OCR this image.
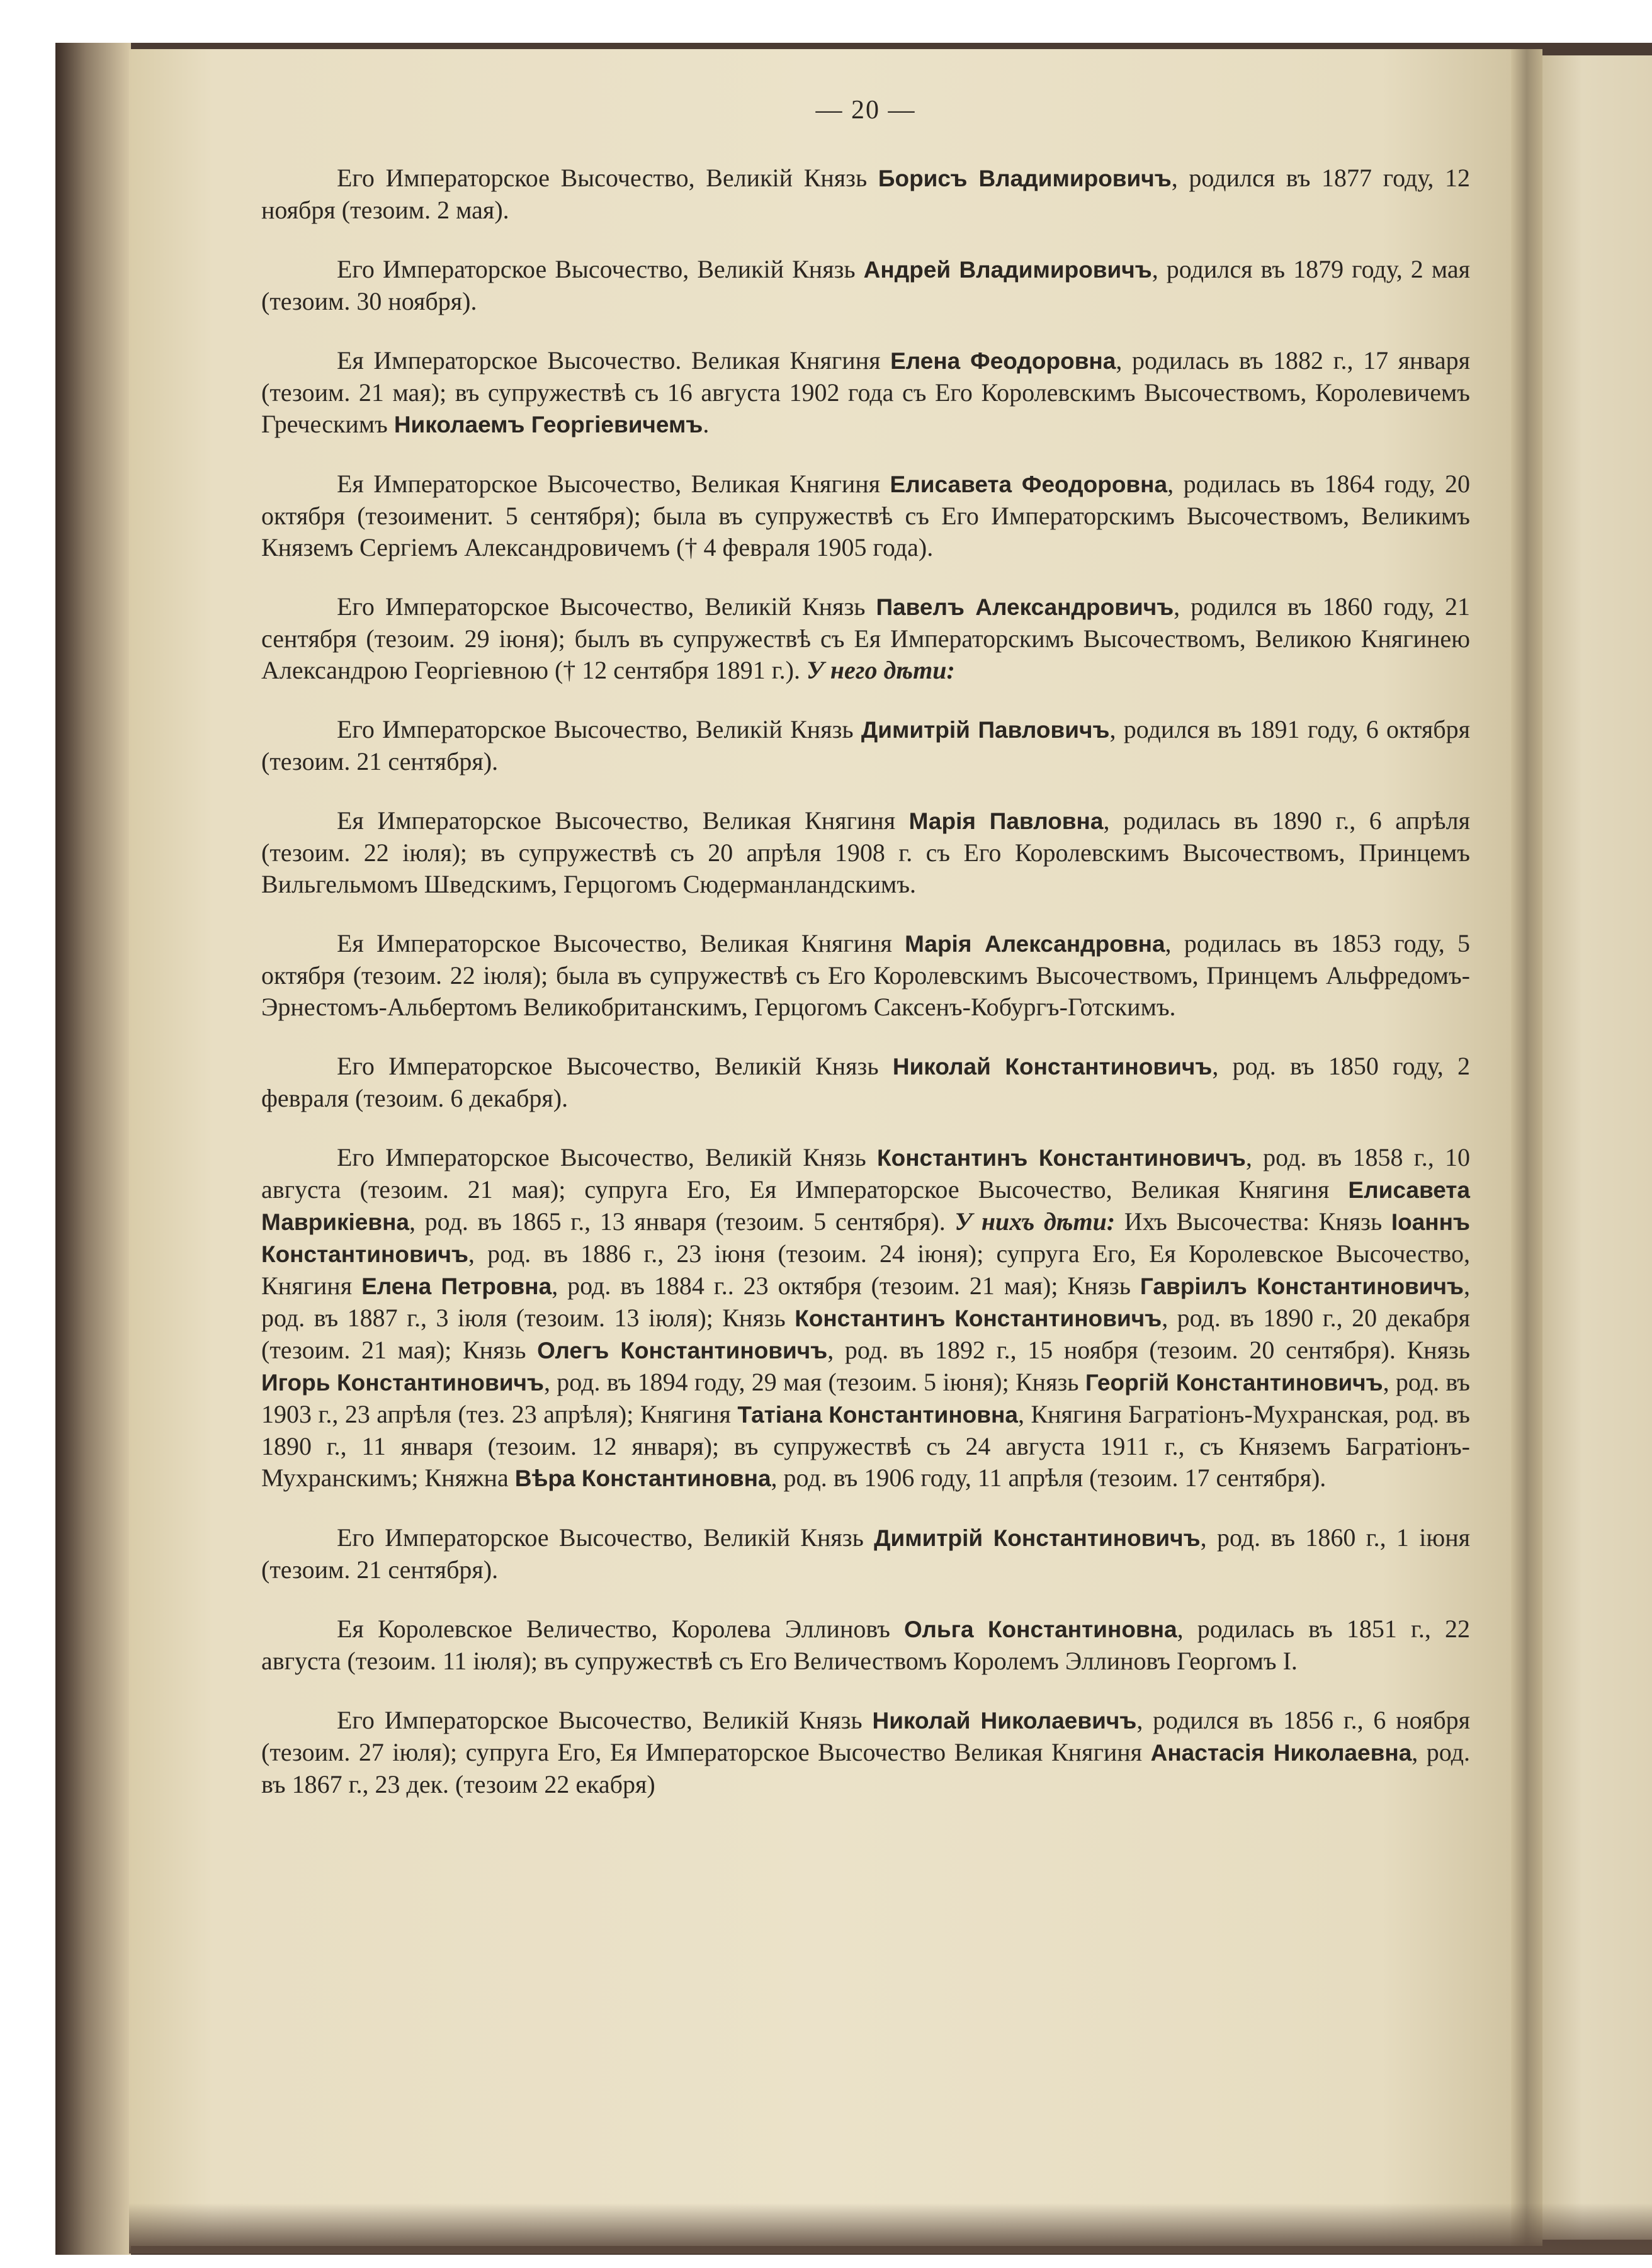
— 20 —

Его Императорское Высочество, Великій Князь Борисъ Владимировичъ, родился въ 1877 году, 12 ноября (тезоим. 2 мая).

Его Императорское Высочество, Великій Князь Андрей Владимировичъ, родился въ 1879 году, 2 мая (тезоим. 30 ноября).

Ея Императорское Высочество. Великая Княгиня Елена Феодоровна, родилась въ 1882 г., 17 января (тезоим. 21 мая); въ супружествѣ съ 16 августа 1902 года съ Его Королевскимъ Высочествомъ, Королевичемъ Греческимъ Николаемъ Георгіевичемъ.

Ея Императорское Высочество, Великая Княгиня Елисавета Феодоровна, родилась въ 1864 году, 20 октября (тезоименит. 5 сентября); была въ супружествѣ съ Его Императорскимъ Высочествомъ, Великимъ Княземъ Сергіемъ Александровичемъ († 4 февраля 1905 года).

Его Императорское Высочество, Великій Князь Павелъ Александровичъ, родился въ 1860 году, 21 сентября (тезоим. 29 іюня); былъ въ супружествѣ съ Ея Императорскимъ Высочествомъ, Великою Княгинею Александрою Георгіевною († 12 сентября 1891 г.). У него дѣти:

Его Императорское Высочество, Великій Князь Димитрій Павловичъ, родился въ 1891 году, 6 октября (тезоим. 21 сентября).

Ея Императорское Высочество, Великая Княгиня Марія Павловна, родилась въ 1890 г., 6 апрѣля (тезоим. 22 іюля); въ супружествѣ съ 20 апрѣля 1908 г. съ Его Королевскимъ Высочествомъ, Принцемъ Вильгельмомъ Шведскимъ, Герцогомъ Сюдерманландскимъ.

Ея Императорское Высочество, Великая Княгиня Марія Александровна, родилась въ 1853 году, 5 октября (тезоим. 22 іюля); была въ супружествѣ съ Его Королевскимъ Высочествомъ, Принцемъ Альфредомъ-Эрнестомъ-Альбертомъ Великобританскимъ, Герцогомъ Саксенъ-Кобургъ-Готскимъ.

Его Императорское Высочество, Великій Князь Николай Константиновичъ, род. въ 1850 году, 2 февраля (тезоим. 6 декабря).

Его Императорское Высочество, Великій Князь Константинъ Константиновичъ, род. въ 1858 г., 10 августа (тезоим. 21 мая); супруга Его, Ея Императорское Высочество, Великая Княгиня Елисавета Маврикіевна, род. въ 1865 г., 13 января (тезоим. 5 сентября). У нихъ дѣти: Ихъ Высочества: Князь Іоаннъ Константиновичъ, род. въ 1886 г., 23 іюня (тезоим. 24 іюня); супруга Его, Ея Королевское Высочество, Княгиня Елена Петровна, род. въ 1884 г.. 23 октября (тезоим. 21 мая); Князь Гавріилъ Константиновичъ, род. въ 1887 г., 3 іюля (тезоим. 13 іюля); Князь Константинъ Константиновичъ, род. въ 1890 г., 20 декабря (тезоим. 21 мая); Князь Олегъ Константиновичъ, род. въ 1892 г., 15 ноября (тезоим. 20 сентября). Князь Игорь Константиновичъ, род. въ 1894 году, 29 мая (тезоим. 5 іюня); Князь Георгій Константиновичъ, род. въ 1903 г., 23 апрѣля (тез. 23 апрѣля); Княгиня Татіана Константиновна, Княгиня Багратіонъ-Мухранская, род. въ 1890 г., 11 января (тезоим. 12 января); въ супружествѣ съ 24 августа 1911 г., съ Княземъ Багратіонъ-Мухранскимъ; Княжна Вѣра Константиновна, род. въ 1906 году, 11 апрѣля (тезоим. 17 сентября).

Его Императорское Высочество, Великій Князь Димитрій Константиновичъ, род. въ 1860 г., 1 іюня (тезоим. 21 сентября).

Ея Королевское Величество, Королева Эллиновъ Ольга Константиновна, родилась въ 1851 г., 22 августа (тезоим. 11 іюля); въ супружествѣ съ Его Величествомъ Королемъ Эллиновъ Георгомъ I.

Его Императорское Высочество, Великій Князь Николай Николаевичъ, родился въ 1856 г., 6 ноября (тезоим. 27 іюля); супруга Его, Ея Императорское Высочество Великая Княгиня Анастасія Николаевна, род. въ 1867 г., 23 дек. (тезоим 22 екабря)
